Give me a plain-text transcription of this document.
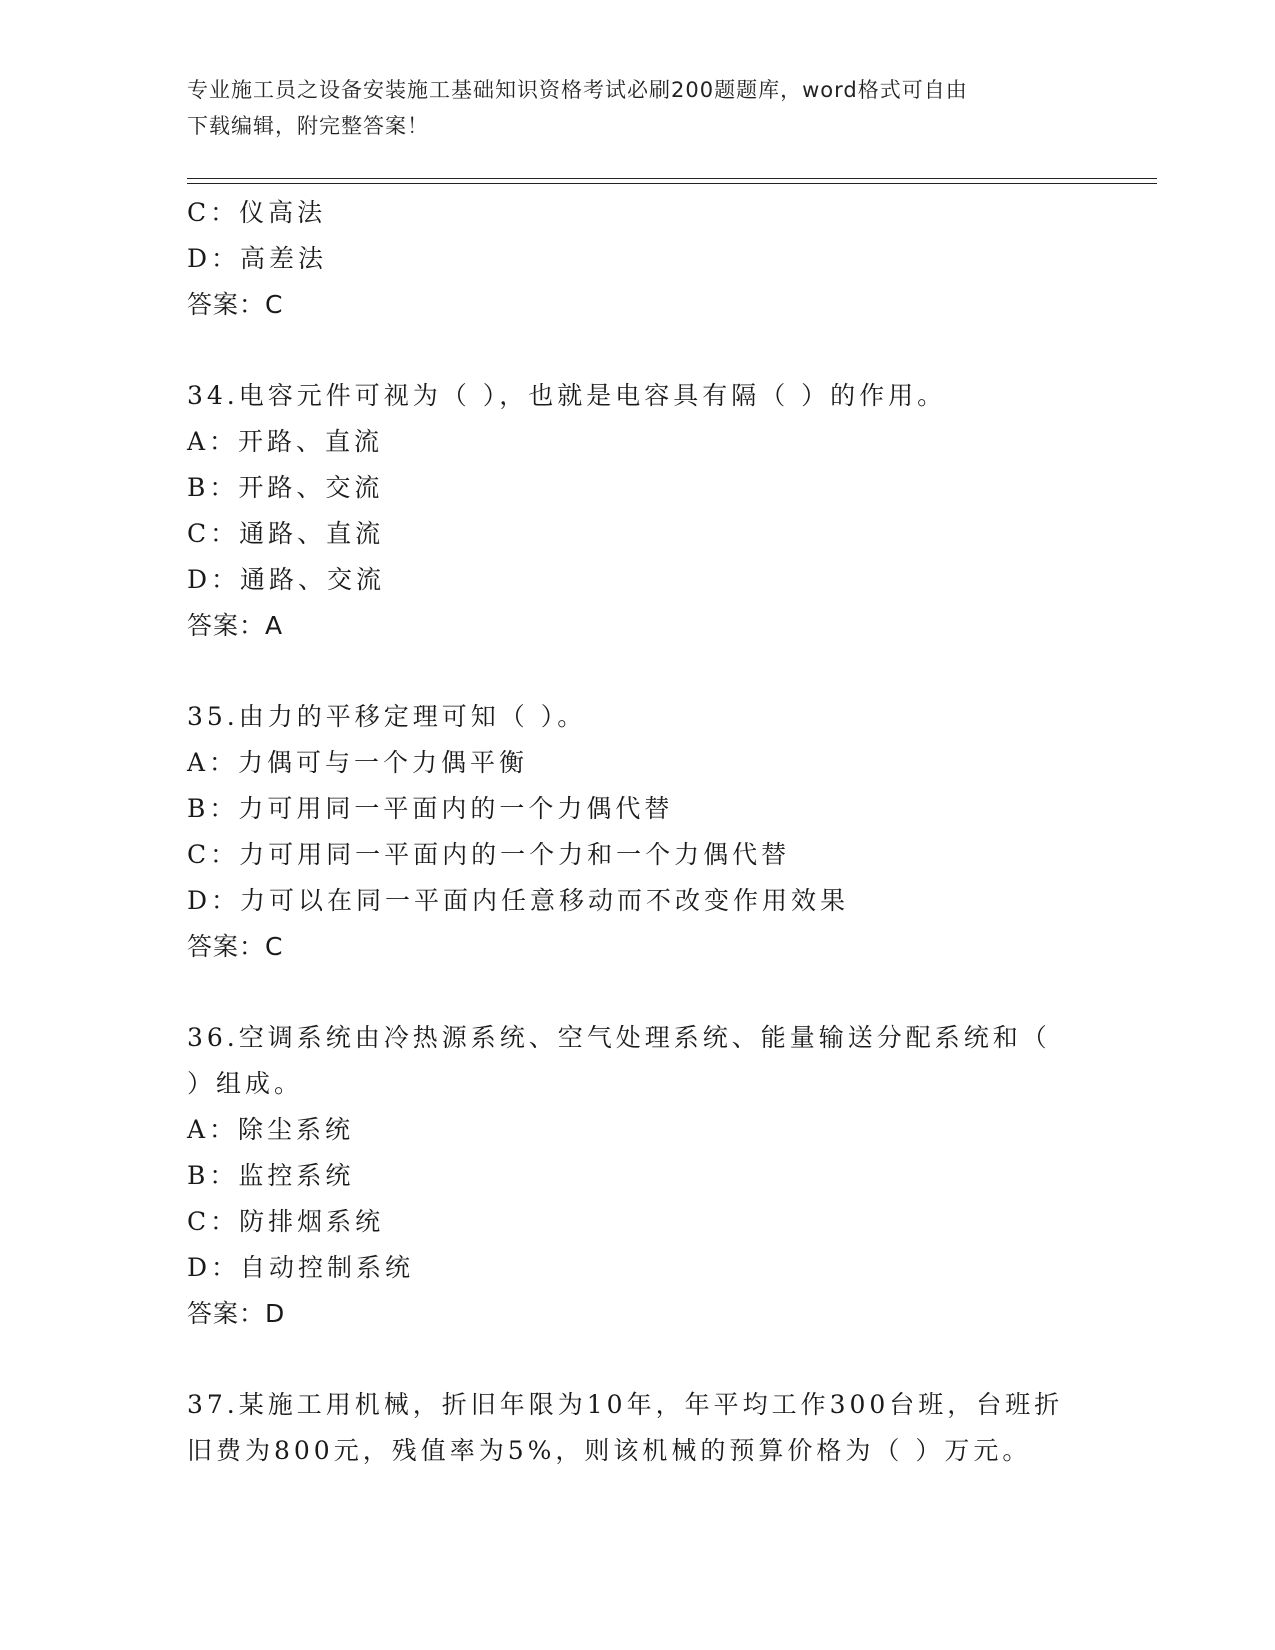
专业施工员之设备安装施工基础知识资格考试必刷200题题库，word格式可自由
下载编辑，附完整答案！
C：仪高法
D：高差法
答案：C
34.电容元件可视为（ ），也就是电容具有隔（ ）的作用。
A：开路、直流
B：开路、交流
C：通路、直流
D：通路、交流
答案：A
35.由力的平移定理可知（ ）。
A：力偶可与一个力偶平衡
B：力可用同一平面内的一个力偶代替
C：力可用同一平面内的一个力和一个力偶代替
D：力可以在同一平面内任意移动而不改变作用效果
答案：C
36.空调系统由冷热源系统、空气处理系统、能量输送分配系统和（
）组成。
A：除尘系统
B：监控系统
C：防排烟系统
D：自动控制系统
答案：D
37.某施工用机械，折旧年限为10年，年平均工作300台班，台班折
旧费为800元，残值率为5%，则该机械的预算价格为（ ）万元。
